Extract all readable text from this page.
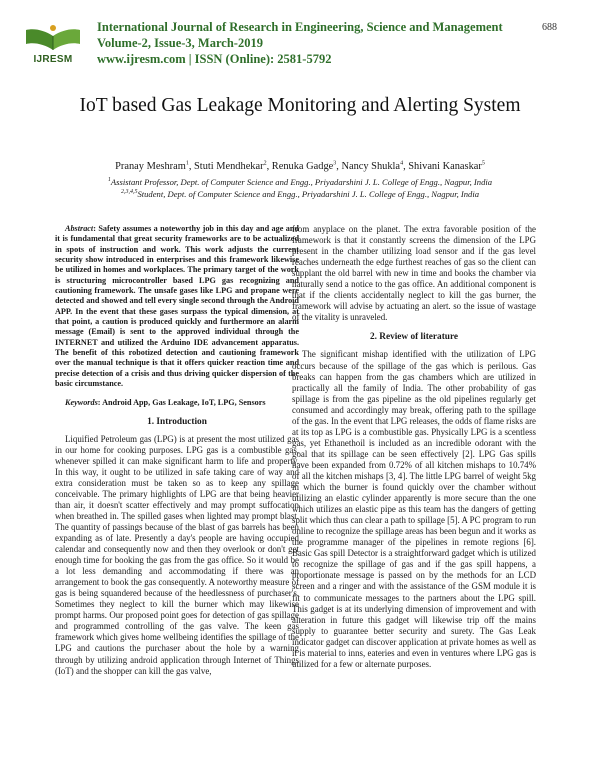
IJRESM
International Journal of Research in Engineering, Science and Management
Volume-2, Issue-3, March-2019
www.ijresm.com | ISSN (Online): 2581-5792
688
IoT based Gas Leakage Monitoring and Alerting System
Pranay Meshram$^1$, Stuti Mendhekar$^2$, Renuka Gadge$^3$, Nancy Shukla$^4$, Shivani Kanaskar$^5$
$^1$Assistant Professor, Dept. of Computer Science and Engg., Priyadarshini J. L. College of Engg., Nagpur, India
$^{2,3,4,5}$Student, Dept. of Computer Science and Engg., Priyadarshini J. L. College of Engg., Nagpur, India

Abstract: Safety assumes a noteworthy job in this day and age and it is fundamental that great security frameworks are to be actualized in spots of instruction and work. This work adjusts the current security show introduced in enterprises and this framework likewise be utilized in homes and workplaces. The primary target of the work is structuring microcontroller based LPG gas recognizing and cautioning framework. The unsafe gases like LPG and propane were detected and showed and tell every single second through the Android APP. In the event that these gases surpass the typical dimension, at that point, a caution is produced quickly and furthermore an alarm message (Email) is sent to the approved individual through the INTERNET and utilized the Arduino IDE advancement apparatus. The benefit of this robotized detection and cautioning framework over the manual technique is that it offers quicker reaction time and precise detection of a crisis and thus driving quicker dispersion of the basic circumstance.

Keywords: Android App, Gas Leakage, IoT, LPG, Sensors

1. Introduction

Liquified Petroleum gas (LPG) is at present the most utilized gas in our home for cooking purposes. LPG gas is a combustible gas, whenever spilled it can make significant harm to life and property. In this way, it ought to be utilized in safe taking care of way and extra consideration must be taken so as to keep any spillage conceivable. The primary highlights of LPG are that being heavier than air, it doesn't scatter effectively and may prompt suffocation when breathed in. The spilled gases when lighted may prompt blast. The quantity of passings because of the blast of gas barrels has been expanding as of late. Presently a day's people are having occupied calendar and consequently now and then they overlook or don't get enough time for booking the gas from the gas office. So it would be a lot less demanding and accommodating if there was an arrangement to book the gas consequently. A noteworthy measure of gas is being squandered because of the heedlessness of purchaser's. Sometimes they neglect to kill the burner which may likewise prompt harms. Our proposed point goes for detection of gas spillage and programmed controlling of the gas valve. The keen gas framework which gives home wellbeing identifies the spillage of the LPG and cautions the purchaser about the hole by a warning through by utilizing android application through Internet of Things (IoT) and the shopper can kill the gas valve,

from anyplace on the planet. The extra favorable position of the framework is that it constantly screens the dimension of the LPG present in the chamber utilizing load sensor and if the gas level reaches underneath the edge furthest reaches of gas so the client can supplant the old barrel with new in time and books the chamber via naturally send a notice to the gas office. An additional component is that if the clients accidentally neglect to kill the gas burner, the framework will advise by actuating an alert. so the issue of wastage of the vitality is unraveled.

2. Review of literature

The significant mishap identified with the utilization of LPG occurs because of the spillage of the gas which is perilous. Gas breaks can happen from the gas chambers which are utilized in practically all the family of India. The other probability of gas spillage is from the gas pipeline as the old pipelines regularly get consumed and accordingly may break, offering path to the spillage of the gas. In the event that LPG releases, the odds of flame risks are at its top as LPG is a combustible gas. Physically LPG is a scentless gas, yet Ethanethoil is included as an incredible odorant with the goal that its spillage can be seen effectively [2]. LPG Gas spills have been expanded from 0.72% of all kitchen mishaps to 10.74% of all the kitchen mishaps [3, 4]. The little LPG barrel of weight 5kg in which the burner is found quickly over the chamber without utilizing an elastic cylinder apparently is more secure than the one which utilizes an elastic pipe as this team has the dangers of getting split which thus can clear a path to spillage [5]. A PC program to run online to recognize the spillage areas has been begun and it works as the programme manager of the pipelines in remote regions [6]. Basic Gas spill Detector is a straightforward gadget which is utilized to recognize the spillage of gas and if the gas spill happens, a proportionate message is passed on by the methods for an LCD screen and a ringer and with the assistance of the GSM module it is fit to communicate messages to the partners about the LPG spill. This gadget is at its underlying dimension of improvement and with alteration in future this gadget will likewise trip off the mains supply to guarantee better security and surety. The Gas Leak indicator gadget can discover application at private homes as well as it is material to inns, eateries and even in ventures where LPG gas is utilized for a few or alternate purposes.
